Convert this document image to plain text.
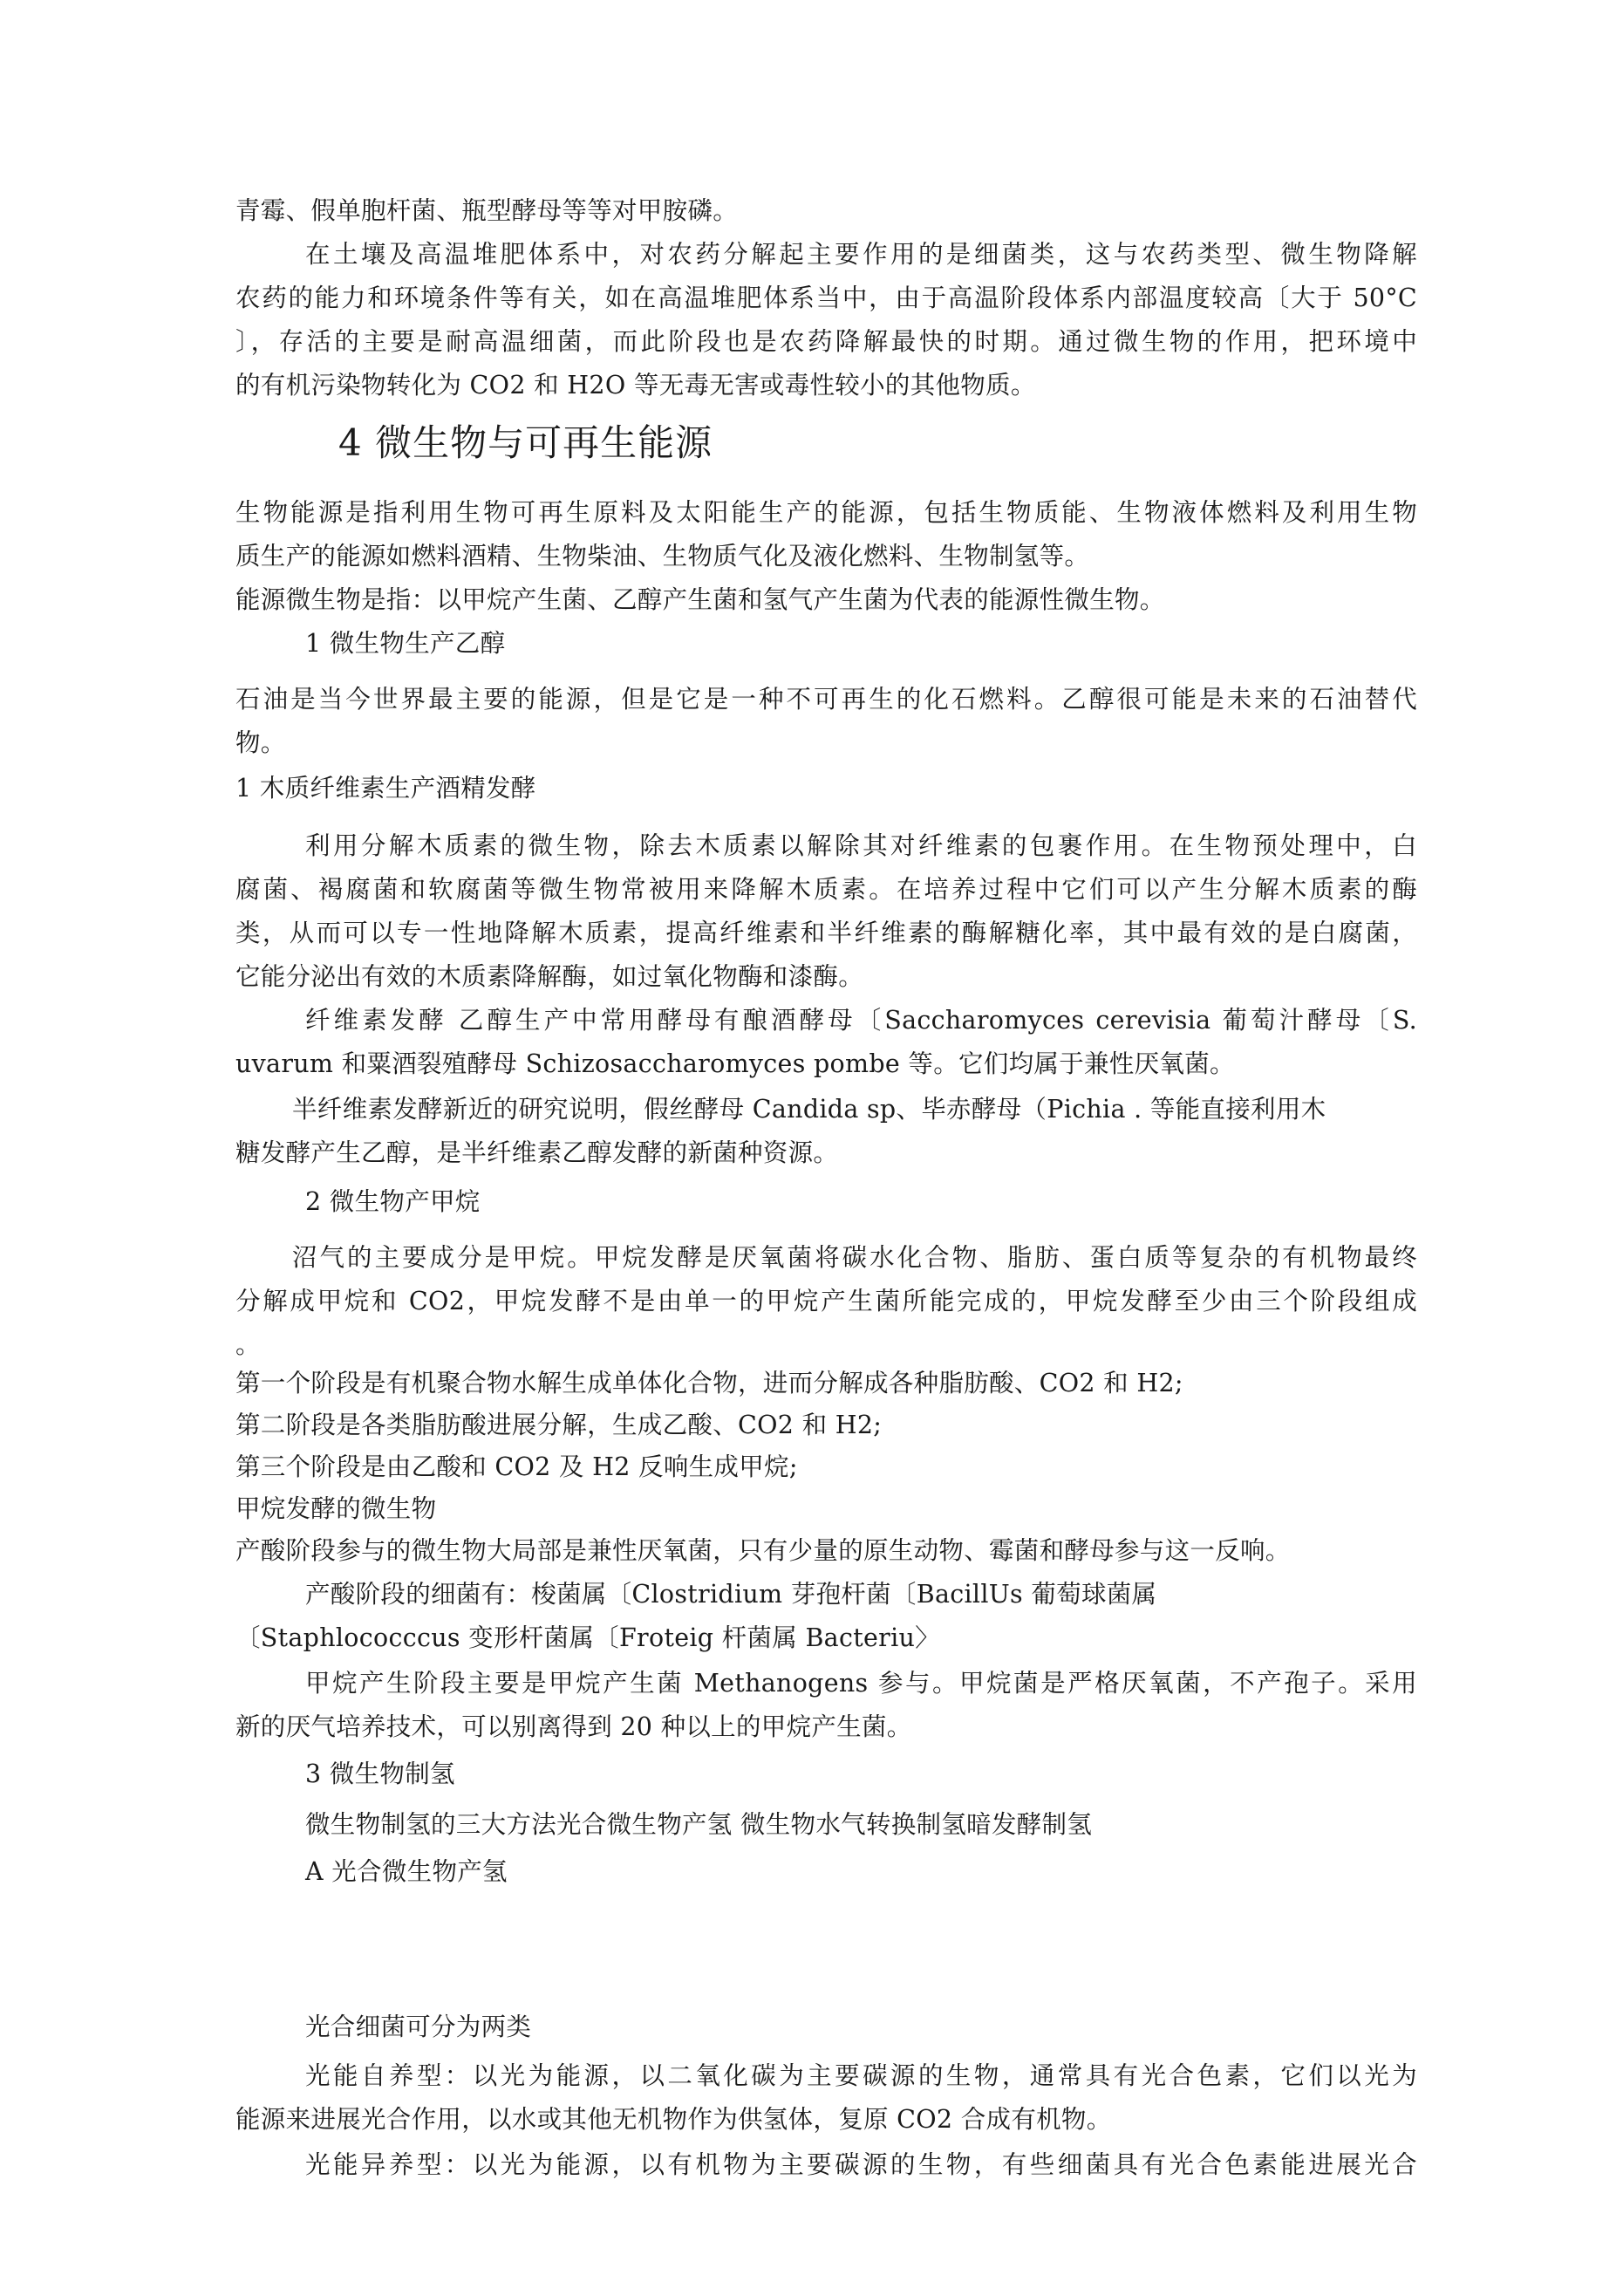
青霉、假单胞杆菌、瓶型酵母等等对甲胺磷。
在土壤及高温堆肥体系中，对农药分解起主要作用的是细菌类，这与农药类型、微生物降解
农药的能力和环境条件等有关，如在高温堆肥体系当中，由于高温阶段体系内部温度较高〔大于 50°C
〕，存活的主要是耐高温细菌，而此阶段也是农药降解最快的时期。通过微生物的作用，把环境中
的有机污染物转化为 CO2 和 H2O 等无毒无害或毒性较小的其他物质。
4 微生物与可再生能源
生物能源是指利用生物可再生原料及太阳能生产的能源，包括生物质能、生物液体燃料及利用生物
质生产的能源如燃料酒精、生物柴油、生物质气化及液化燃料、生物制氢等。
能源微生物是指：以甲烷产生菌、乙醇产生菌和氢气产生菌为代表的能源性微生物。
1 微生物生产乙醇
石油是当今世界最主要的能源，但是它是一种不可再生的化石燃料。乙醇很可能是未来的石油替代
物。
1 木质纤维素生产酒精发酵
利用分解木质素的微生物，除去木质素以解除其对纤维素的包裹作用。在生物预处理中，白
腐菌、褐腐菌和软腐菌等微生物常被用来降解木质素。在培养过程中它们可以产生分解木质素的酶
类，从而可以专一性地降解木质素，提高纤维素和半纤维素的酶解糖化率，其中最有效的是白腐菌，
它能分泌出有效的木质素降解酶，如过氧化物酶和漆酶。
纤维素发酵 乙醇生产中常用酵母有酿酒酵母〔Saccharomyces cerevisia 葡萄汁酵母〔S.
uvarum 和粟酒裂殖酵母 Schizosaccharomyces pombe 等。它们均属于兼性厌氧菌。
半纤维素发酵新近的研究说明，假丝酵母 Candida sp、毕赤酵母（Pichia . 等能直接利用木
糖发酵产生乙醇，是半纤维素乙醇发酵的新菌种资源。
2 微生物产甲烷
沼气的主要成分是甲烷。甲烷发酵是厌氧菌将碳水化合物、脂肪、蛋白质等复杂的有机物最终
分解成甲烷和 CO2，甲烷发酵不是由单一的甲烷产生菌所能完成的，甲烷发酵至少由三个阶段组成
。
第一个阶段是有机聚合物水解生成单体化合物，进而分解成各种脂肪酸、CO2 和 H2;
第二阶段是各类脂肪酸进展分解，生成乙酸、CO2 和 H2;
第三个阶段是由乙酸和 CO2 及 H2 反响生成甲烷;
甲烷发酵的微生物
产酸阶段参与的微生物大局部是兼性厌氧菌，只有少量的原生动物、霉菌和酵母参与这一反响。
产酸阶段的细菌有：梭菌属〔Clostridium 芽孢杆菌〔BacillUs 葡萄球菌属
〔Staphlococccus 变形杆菌属〔Froteig 杆菌属 Bacteriu〉
甲烷产生阶段主要是甲烷产生菌 Methanogens 参与。甲烷菌是严格厌氧菌，不产孢子。采用
新的厌气培养技术，可以别离得到 20 种以上的甲烷产生菌。
3 微生物制氢
微生物制氢的三大方法光合微生物产氢 微生物水气转换制氢暗发酵制氢
A 光合微生物产氢
光合细菌可分为两类
光能自养型：以光为能源，以二氧化碳为主要碳源的生物，通常具有光合色素，它们以光为
能源来进展光合作用，以水或其他无机物作为供氢体，复原 CO2 合成有机物。
光能异养型：以光为能源，以有机物为主要碳源的生物，有些细菌具有光合色素能进展光合
